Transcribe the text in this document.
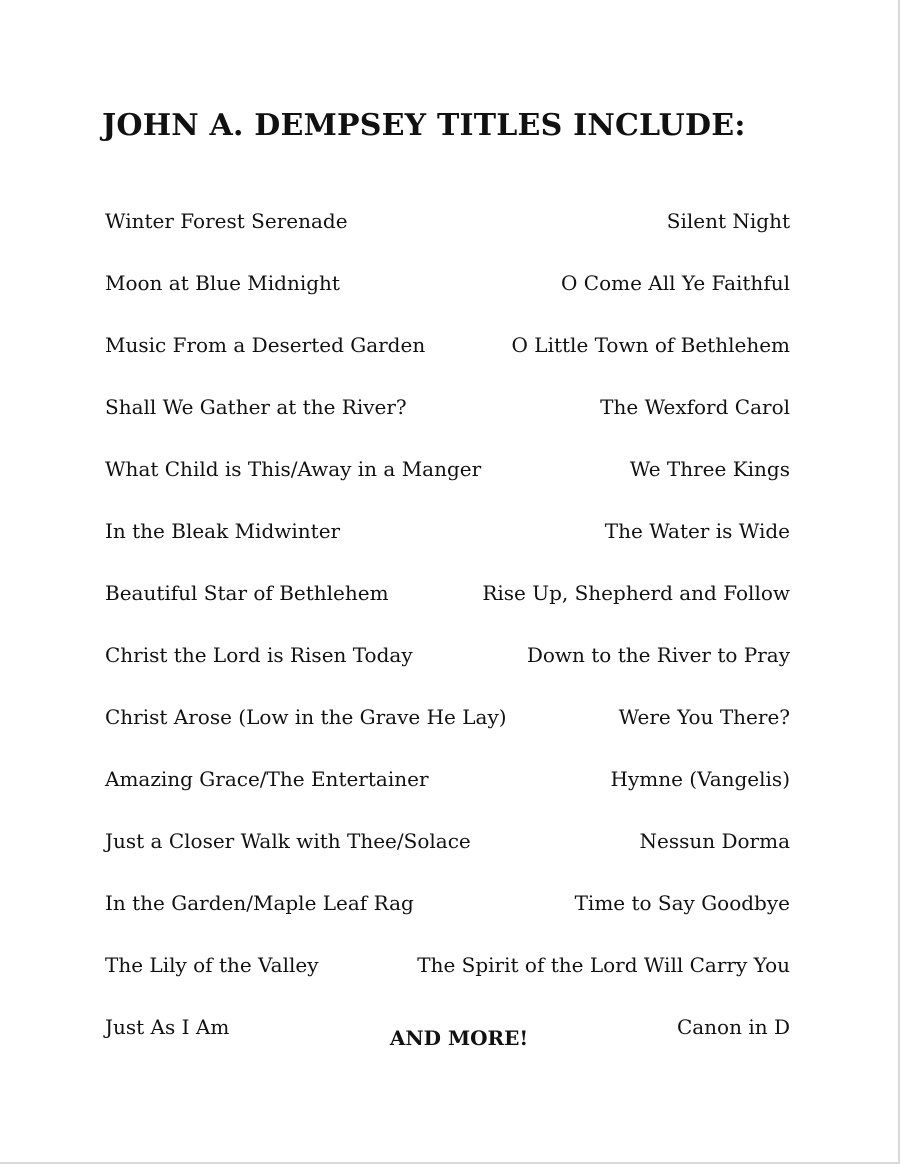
JOHN A. DEMPSEY TITLES INCLUDE:
Winter Forest Serenade	Silent Night
Moon at Blue Midnight	O Come All Ye Faithful
Music From a Deserted Garden	O Little Town of Bethlehem
Shall We Gather at the River?	The Wexford Carol
What Child is This/Away in a Manger	We Three Kings
In the Bleak Midwinter	The Water is Wide
Beautiful Star of Bethlehem	Rise Up, Shepherd and Follow
Christ the Lord is Risen Today	Down to the River to Pray
Christ Arose (Low in the Grave He Lay)	Were You There?
Amazing Grace/The Entertainer	Hymne (Vangelis)
Just a Closer Walk with Thee/Solace	Nessun Dorma
In the Garden/Maple Leaf Rag	Time to Say Goodbye
The Lily of the Valley	The Spirit of the Lord Will Carry You
Just As I Am	Canon in D

AND MORE!
